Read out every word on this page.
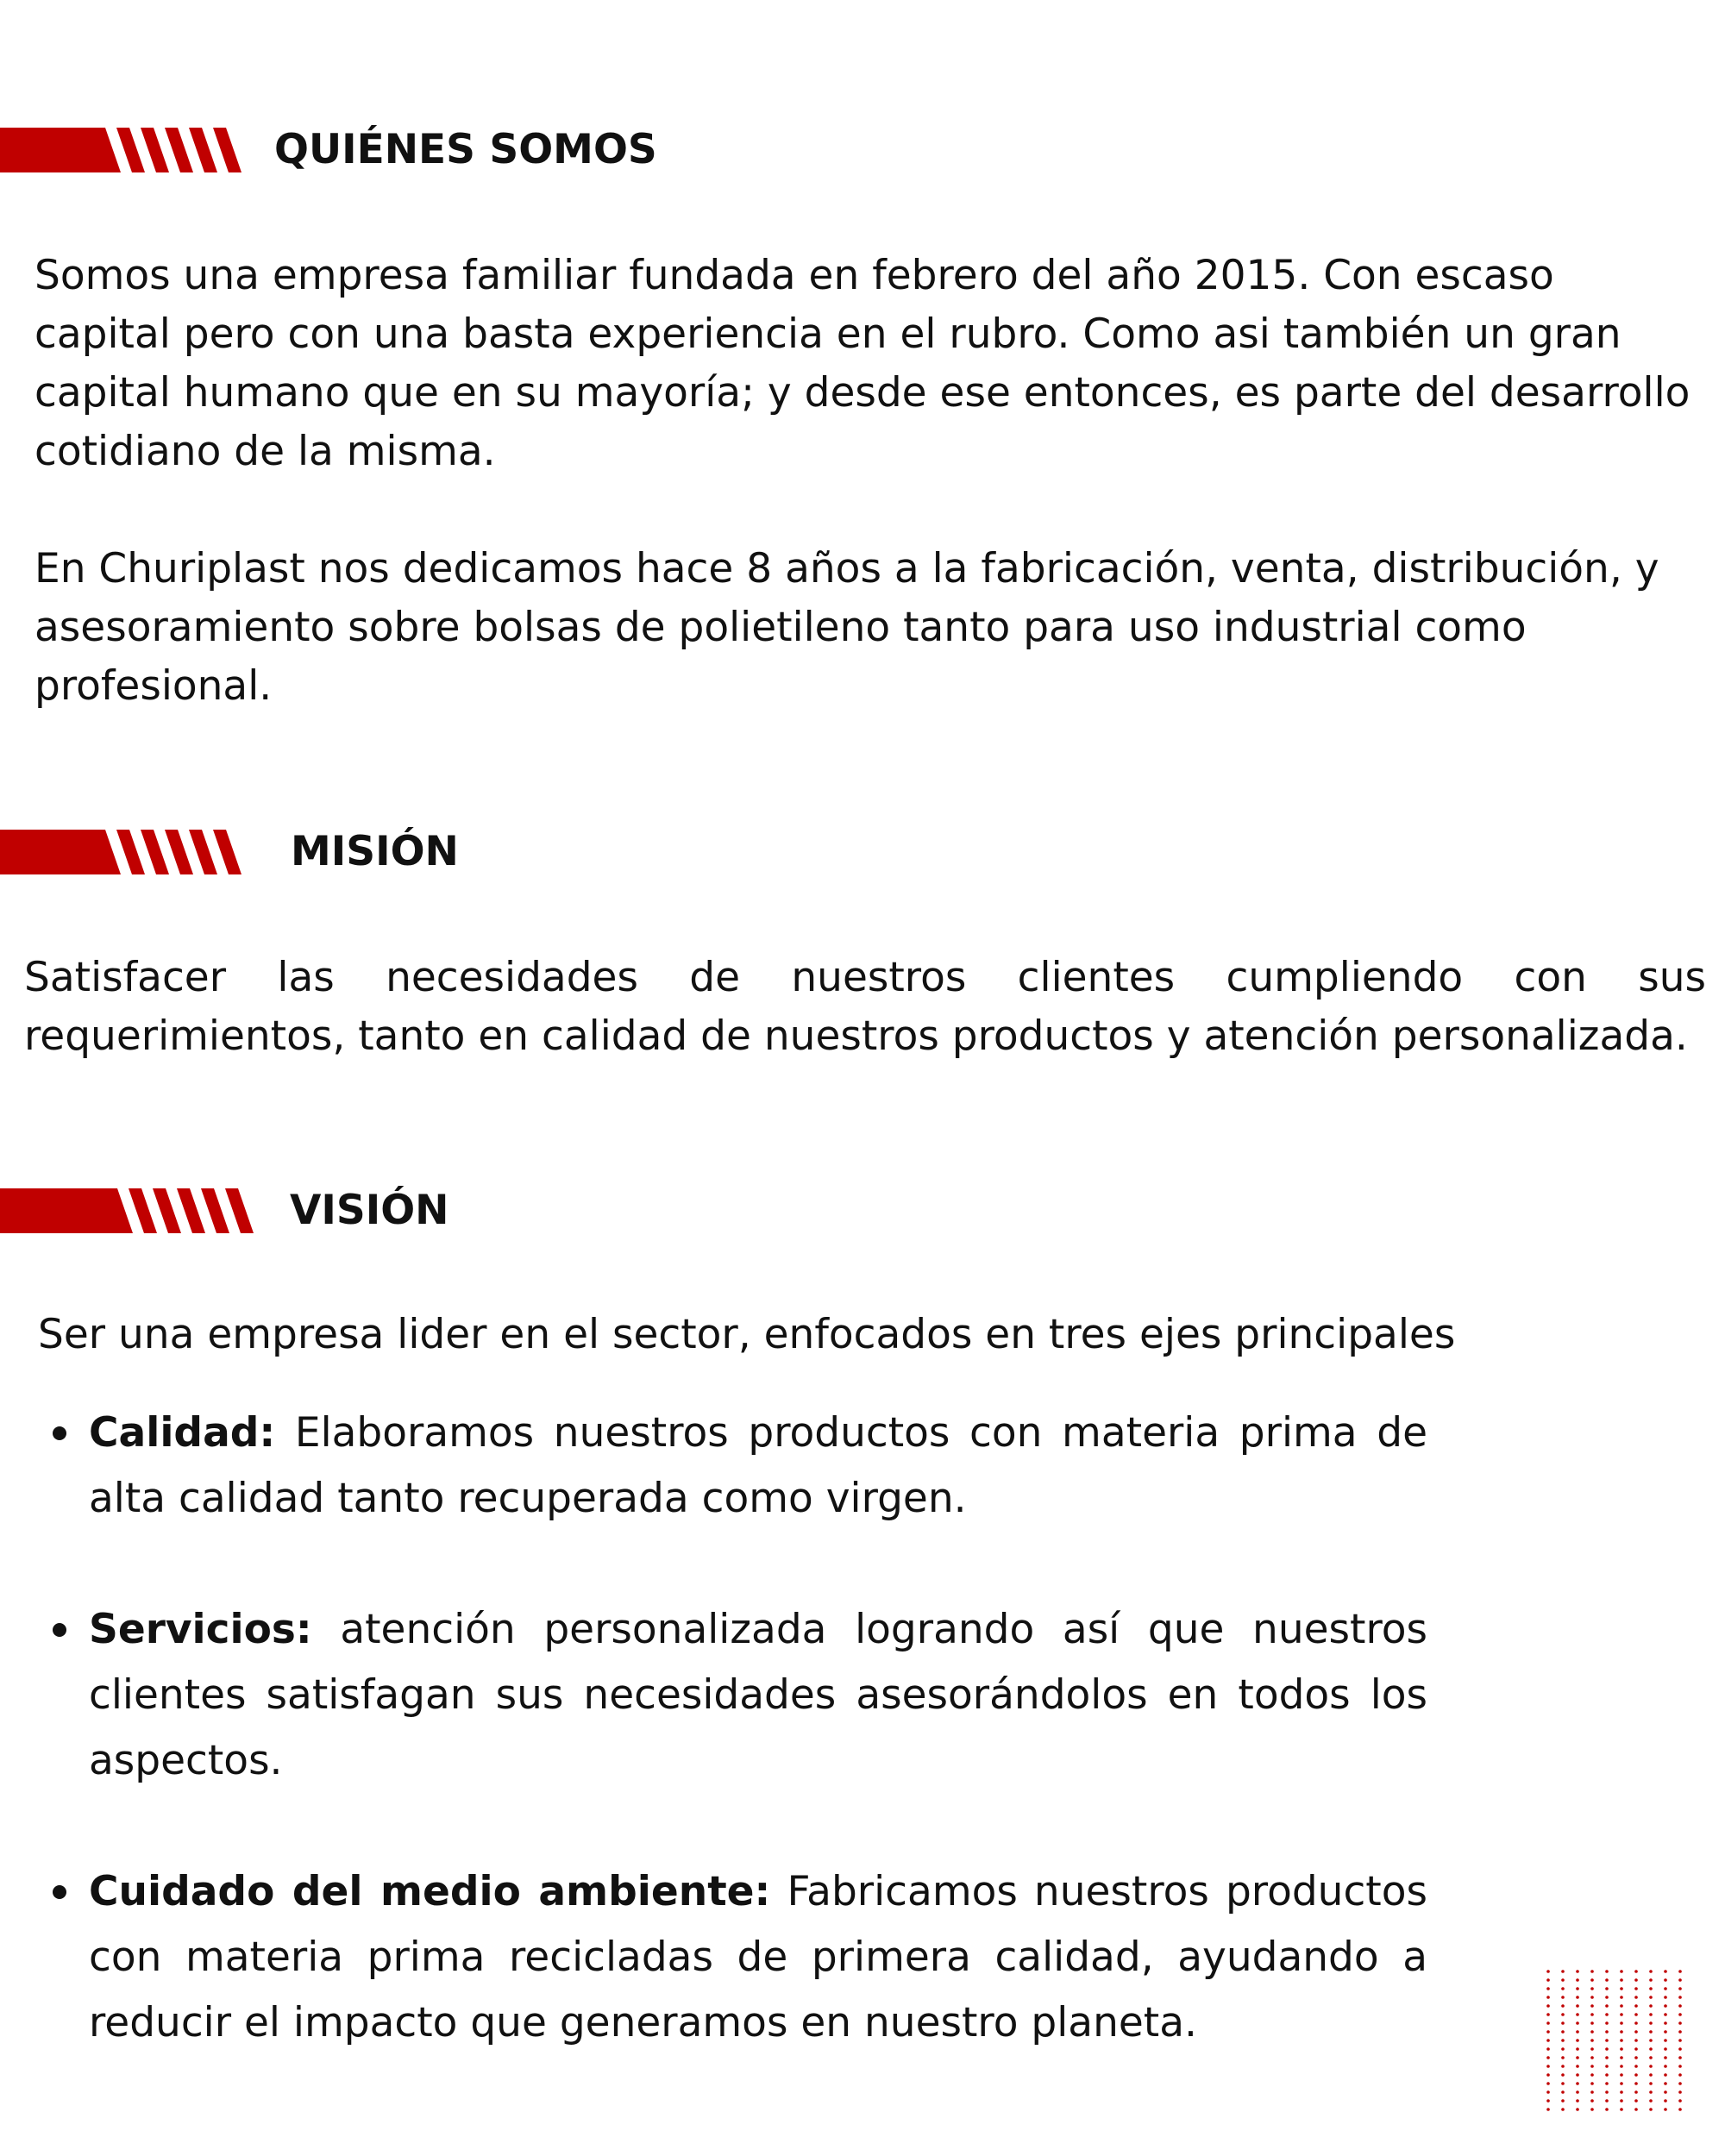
QUIÉNES SOMOS

Somos una empresa familiar fundada en febrero del año 2015. Con escaso capital pero con una basta experiencia en el rubro. Como asi también un gran capital humano que en su mayoría; y desde ese entonces, es parte del desarrollo cotidiano de la misma.

En Churiplast nos dedicamos hace 8 años a la fabricación, venta, distribución, y asesoramiento sobre bolsas de polietileno tanto para uso industrial como profesional.

MISIÓN

Satisfacer las necesidades de nuestros clientes cumpliendo con sus requerimientos, tanto en calidad de nuestros productos y atención personalizada.

VISIÓN

Ser una empresa lider en el sector, enfocados en tres ejes principales

Calidad: Elaboramos nuestros productos con materia prima de alta calidad tanto recuperada como virgen.
Servicios: atención personalizada logrando así que nuestros clientes satisfagan sus necesidades asesorándolos en todos los aspectos.
Cuidado del medio ambiente: Fabricamos nuestros productos con materia prima recicladas de primera calidad, ayudando a reducir el impacto que generamos en nuestro planeta.
